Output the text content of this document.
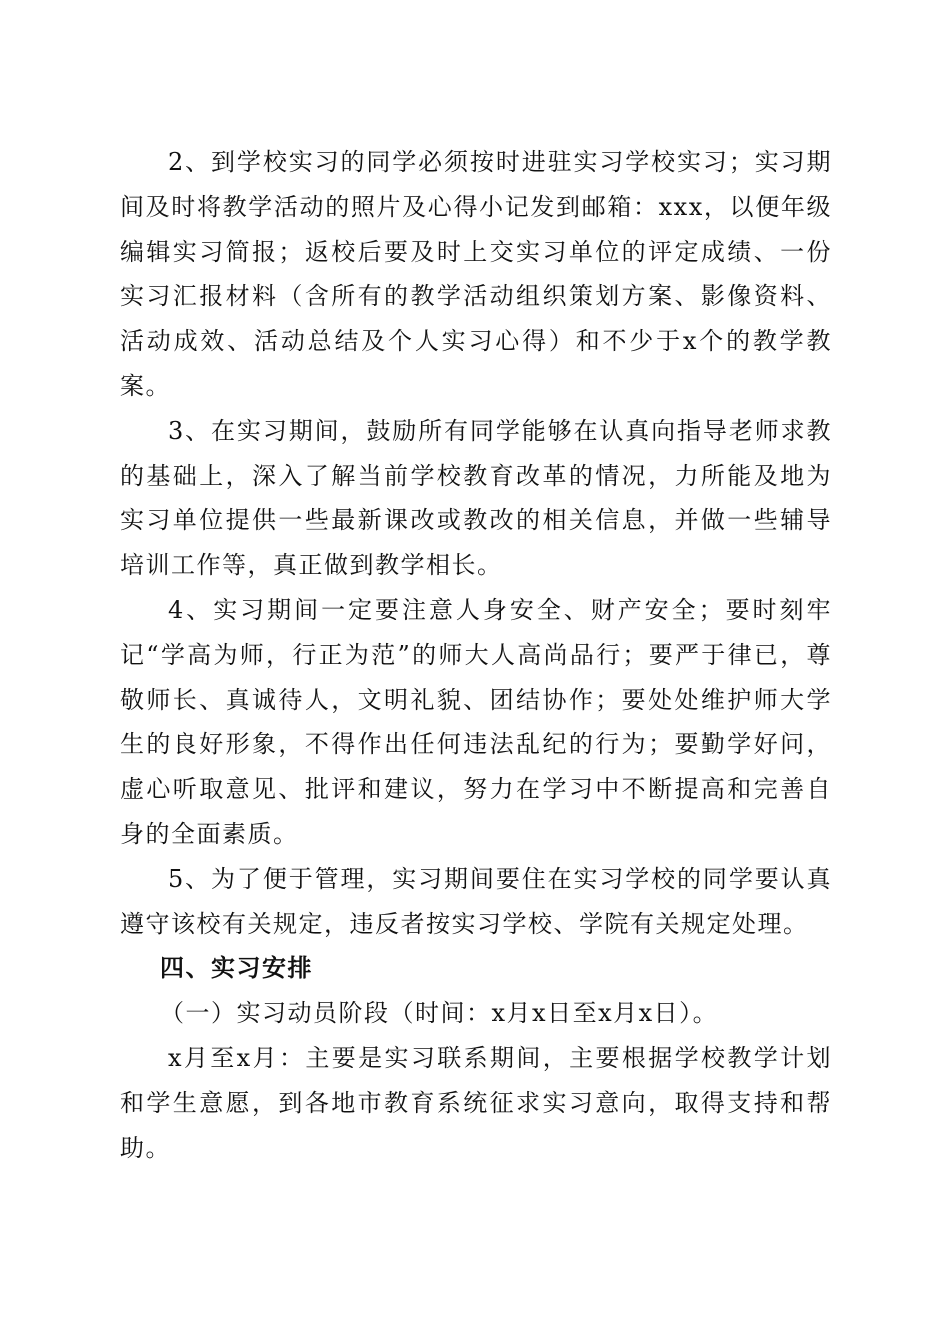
2、到学校实习的同学必须按时进驻实习学校实习；实习期间及时将教学活动的照片及心得小记发到邮箱：xxx，以便年级编辑实习简报；返校后要及时上交实习单位的评定成绩、一份实习汇报材料（含所有的教学活动组织策划方案、影像资料、活动成效、活动总结及个人实习心得）和不少于x个的教学教案。

3、在实习期间，鼓励所有同学能够在认真向指导老师求教的基础上，深入了解当前学校教育改革的情况，力所能及地为实习单位提供一些最新课改或教改的相关信息，并做一些辅导培训工作等，真正做到教学相长。

4、实习期间一定要注意人身安全、财产安全；要时刻牢记“学高为师，行正为范”的师大人高尚品行；要严于律已，尊敬师长、真诚待人，文明礼貌、团结协作；要处处维护师大学生的良好形象，不得作出任何违法乱纪的行为；要勤学好问，虚心听取意见、批评和建议，努力在学习中不断提高和完善自身的全面素质。

5、为了便于管理，实习期间要住在实习学校的同学要认真遵守该校有关规定，违反者按实习学校、学院有关规定处理。

四、实习安排

（一）实习动员阶段（时间：x月x日至x月x日）。

x月至x月：主要是实习联系期间，主要根据学校教学计划和学生意愿，到各地市教育系统征求实习意向，取得支持和帮助。
